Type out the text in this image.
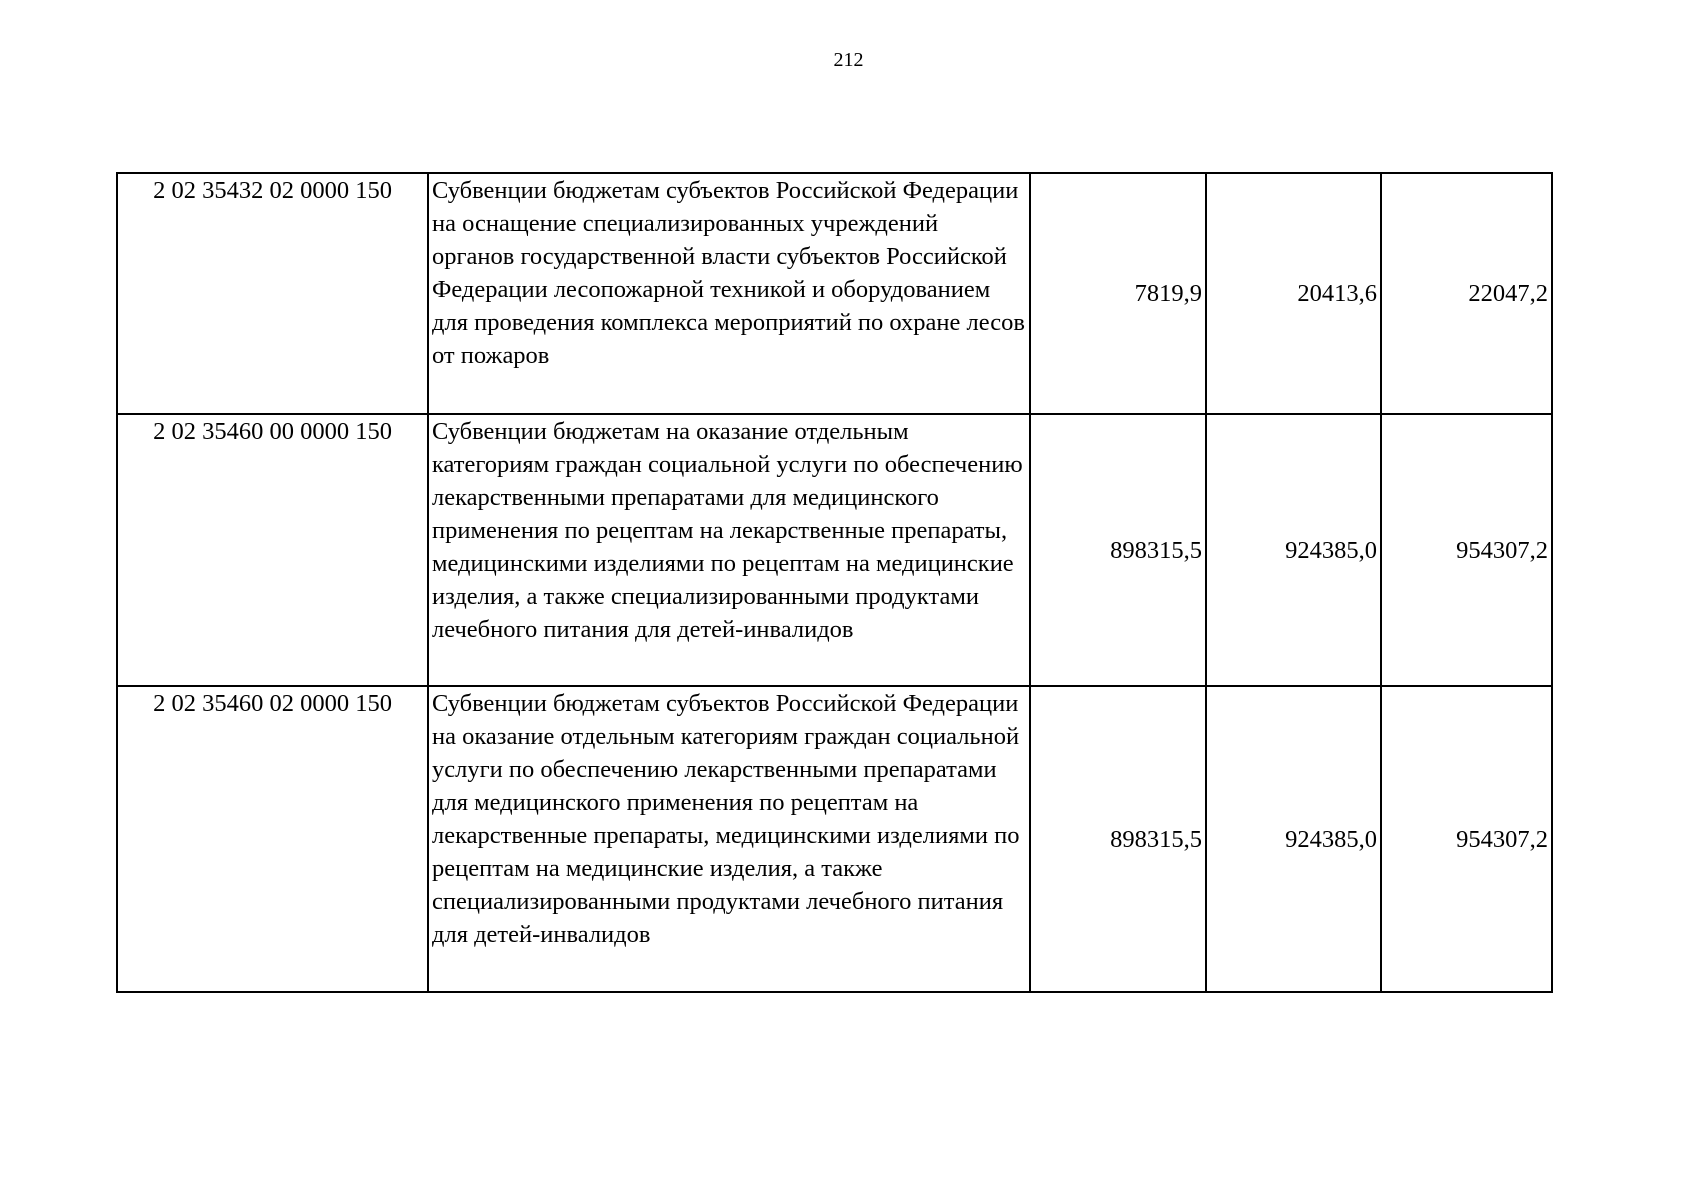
212
2 02 35432 02 0000 150	Субвенции бюджетам субъектов Российской Федерации на оснащение специализированных учреждений органов государственной власти субъектов Российской Федерации лесопожарной техникой и оборудованием для проведения комплекса мероприятий по охране лесов от пожаров	7819,9	20413,6	22047,2
2 02 35460 00 0000 150	Субвенции бюджетам на оказание отдельным категориям граждан социальной услуги по обеспечению лекарственными препаратами для медицинского применения по рецептам на лекарственные препараты, медицинскими изделиями по рецептам на медицинские изделия, а также специализированными продуктами лечебного питания для детей-инвалидов	898315,5	924385,0	954307,2
2 02 35460 02 0000 150	Субвенции бюджетам субъектов Российской Федерации на оказание отдельным категориям граждан социальной услуги по обеспечению лекарственными препаратами для медицинского применения по рецептам на лекарственные препараты, медицинскими изделиями по рецептам на медицинские изделия, а также специализированными продуктами лечебного питания для детей-инвалидов	898315,5	924385,0	954307,2
